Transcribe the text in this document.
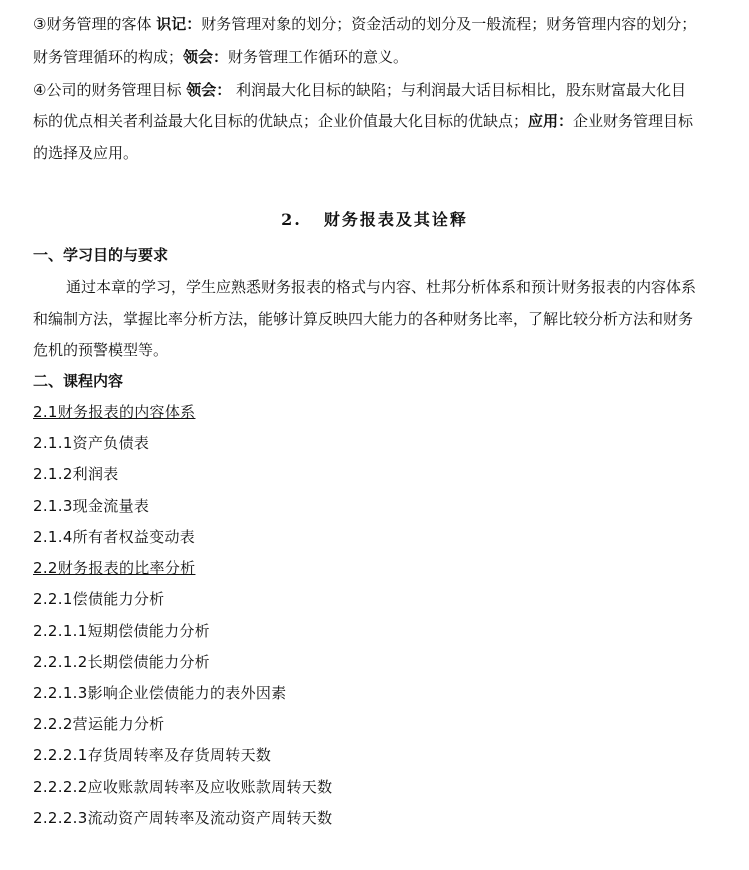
③财务管理的客体 识记：财务管理对象的划分；资金活动的划分及一般流程；财务管理内容的划分；
财务管理循环的构成；领会：财务管理工作循环的意义。
④公司的财务管理目标 领会： 利润最大化目标的缺陷；与利润最大话目标相比，股东财富最大化目
标的优点相关者利益最大化目标的优缺点；企业价值最大化目标的优缺点；应用：企业财务管理目标
的选择及应用。
2. 财务报表及其诠释
一、学习目的与要求
通过本章的学习，学生应熟悉财务报表的格式与内容、杜邦分析体系和预计财务报表的内容体系
和编制方法，掌握比率分析方法，能够计算反映四大能力的各种财务比率，了解比较分析方法和财务
危机的预警模型等。
二、课程内容
2.1财务报表的内容体系
2.1.1资产负债表
2.1.2利润表
2.1.3现金流量表
2.1.4所有者权益变动表
2.2财务报表的比率分析
2.2.1偿债能力分析
2.2.1.1短期偿债能力分析
2.2.1.2长期偿债能力分析
2.2.1.3影响企业偿债能力的表外因素
2.2.2营运能力分析
2.2.2.1存货周转率及存货周转天数
2.2.2.2应收账款周转率及应收账款周转天数
2.2.2.3流动资产周转率及流动资产周转天数
